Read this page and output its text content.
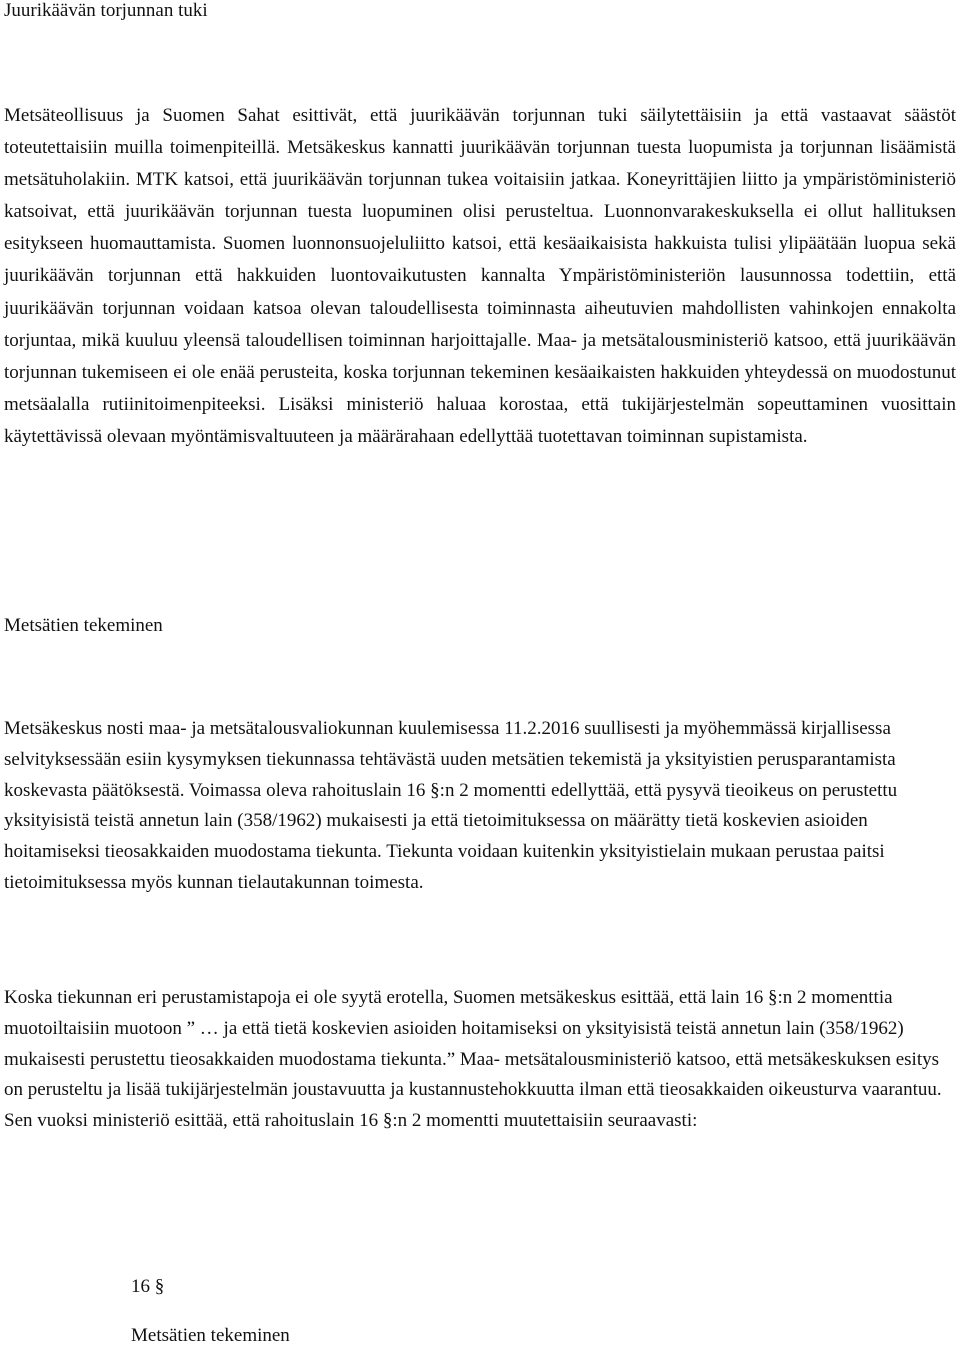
Juurikäävän torjunnan tuki

Metsäteollisuus ja Suomen Sahat esittivät, että juurikäävän torjunnan tuki säilytettäisiin ja että vastaavat säästöt toteutettaisiin muilla toimenpiteillä. Metsäkeskus kannatti juurikäävän torjunnan tuesta luopumista ja torjunnan lisäämistä metsätuholakiin. MTK katsoi, että juurikäävän torjunnan tukea voitaisiin jatkaa. Koneyrittäjien liitto ja ympäristöministeriö katsoivat, että juurikäävän torjunnan tuesta luopuminen olisi perusteltua. Luonnonvarakeskuksella ei ollut hallituksen esitykseen huomauttamista. Suomen luonnonsuojeluliitto katsoi, että kesäaikaisista hakkuista tulisi ylipäätään luopua sekä juurikäävän torjunnan että hakkuiden luontovaikutusten kannalta Ympäristöministeriön lausunnossa todettiin, että juurikäävän torjunnan voidaan katsoa olevan taloudellisesta toiminnasta aiheutuvien mahdollisten vahinkojen ennakolta torjuntaa, mikä kuuluu yleensä taloudellisen toiminnan harjoittajalle. Maa- ja metsätalousministeriö katsoo, että juurikäävän torjunnan tukemiseen ei ole enää perusteita, koska torjunnan tekeminen kesäaikaisten hakkuiden yhteydessä on muodostunut metsäalalla rutiinitoimenpiteeksi. Lisäksi ministeriö haluaa korostaa, että tukijärjestelmän sopeuttaminen vuosittain käytettävissä olevaan myöntämisvaltuuteen ja määrärahaan edellyttää tuotettavan toiminnan supistamista.

Metsätien tekeminen

Metsäkeskus nosti maa- ja metsätalousvaliokunnan kuulemisessa 11.2.2016 suullisesti ja myöhemmässä kirjallisessa selvityksessään esiin kysymyksen tiekunnassa tehtävästä uuden metsätien tekemistä ja yksityistien perusparantamista koskevasta päätöksestä. Voimassa oleva rahoituslain 16 §:n 2 momentti edellyttää, että pysyvä tieoikeus on perustettu yksityisistä teistä annetun lain (358/1962) mukaisesti ja että tietoimituksessa on määrätty tietä koskevien asioiden hoitamiseksi tieosakkaiden muodostama tiekunta. Tiekunta voidaan kuitenkin yksityistielain mukaan perustaa paitsi tietoimituksessa myös kunnan tielautakunnan toimesta.

Koska tiekunnan eri perustamistapoja ei ole syytä erotella, Suomen metsäkeskus esittää, että lain 16 §:n 2 momenttia muotoiltaisiin muotoon ” … ja että tietä koskevien asioiden hoitamiseksi on yksityisistä teistä annetun lain (358/1962) mukaisesti perustettu tieosakkaiden muodostama tiekunta.” Maa- metsätalousministeriö katsoo, että metsäkeskuksen esitys on perusteltu ja lisää tukijärjestelmän joustavuutta ja kustannustehokkuutta ilman että tieosakkaiden oikeusturva vaarantuu. Sen vuoksi ministeriö esittää, että rahoituslain 16 §:n 2 momentti muutettaisiin seuraavasti:

16 §

Metsätien tekeminen
